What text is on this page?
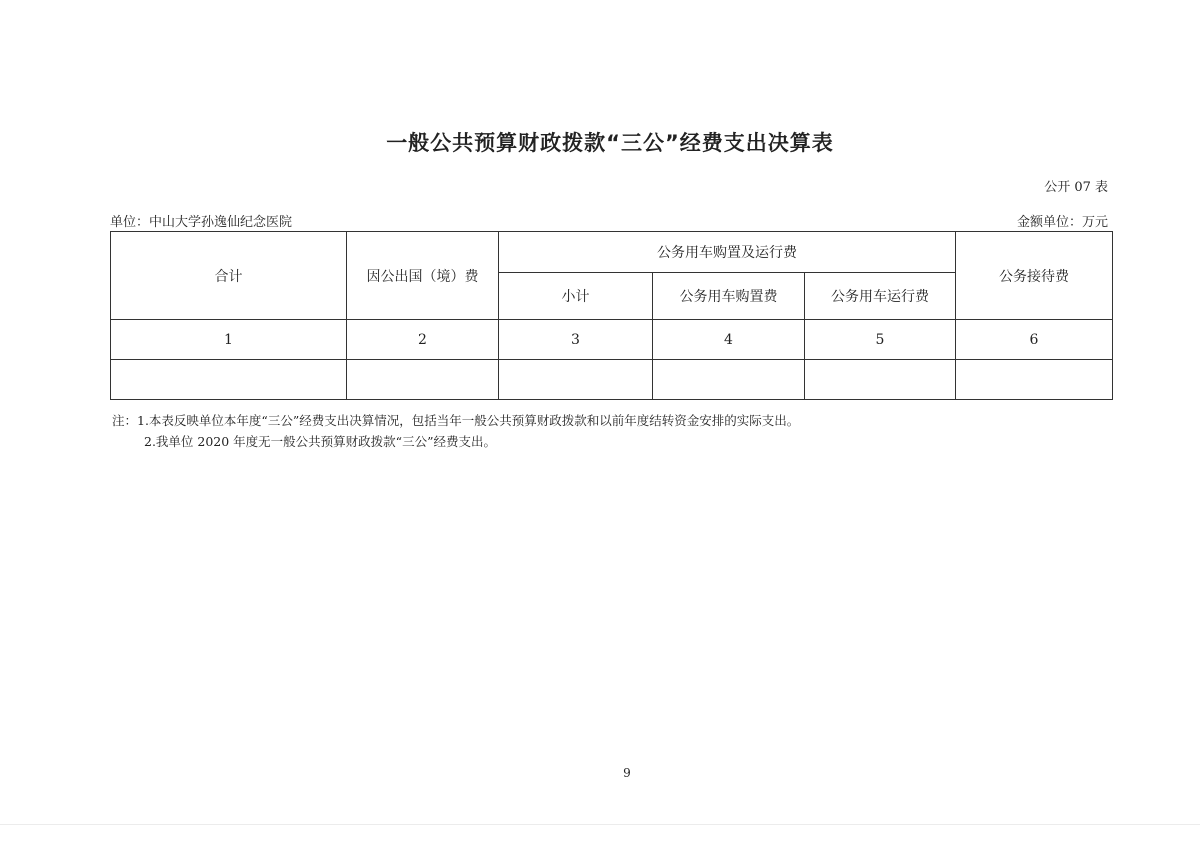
一般公共预算财政拨款“三公”经费支出决算表
公开 07 表
单位：中山大学孙逸仙纪念医院	金额单位：万元
合计	因公出国（境）费	公务用车购置及运行费			公务接待费
		小计	公务用车购置费	公务用车运行费	
1	2	3	4	5	6

注：1.本表反映单位本年度“三公”经费支出决算情况，包括当年一般公共预算财政拨款和以前年度结转资金安排的实际支出。
2.我单位 2020 年度无一般公共预算财政拨款“三公”经费支出。
9
